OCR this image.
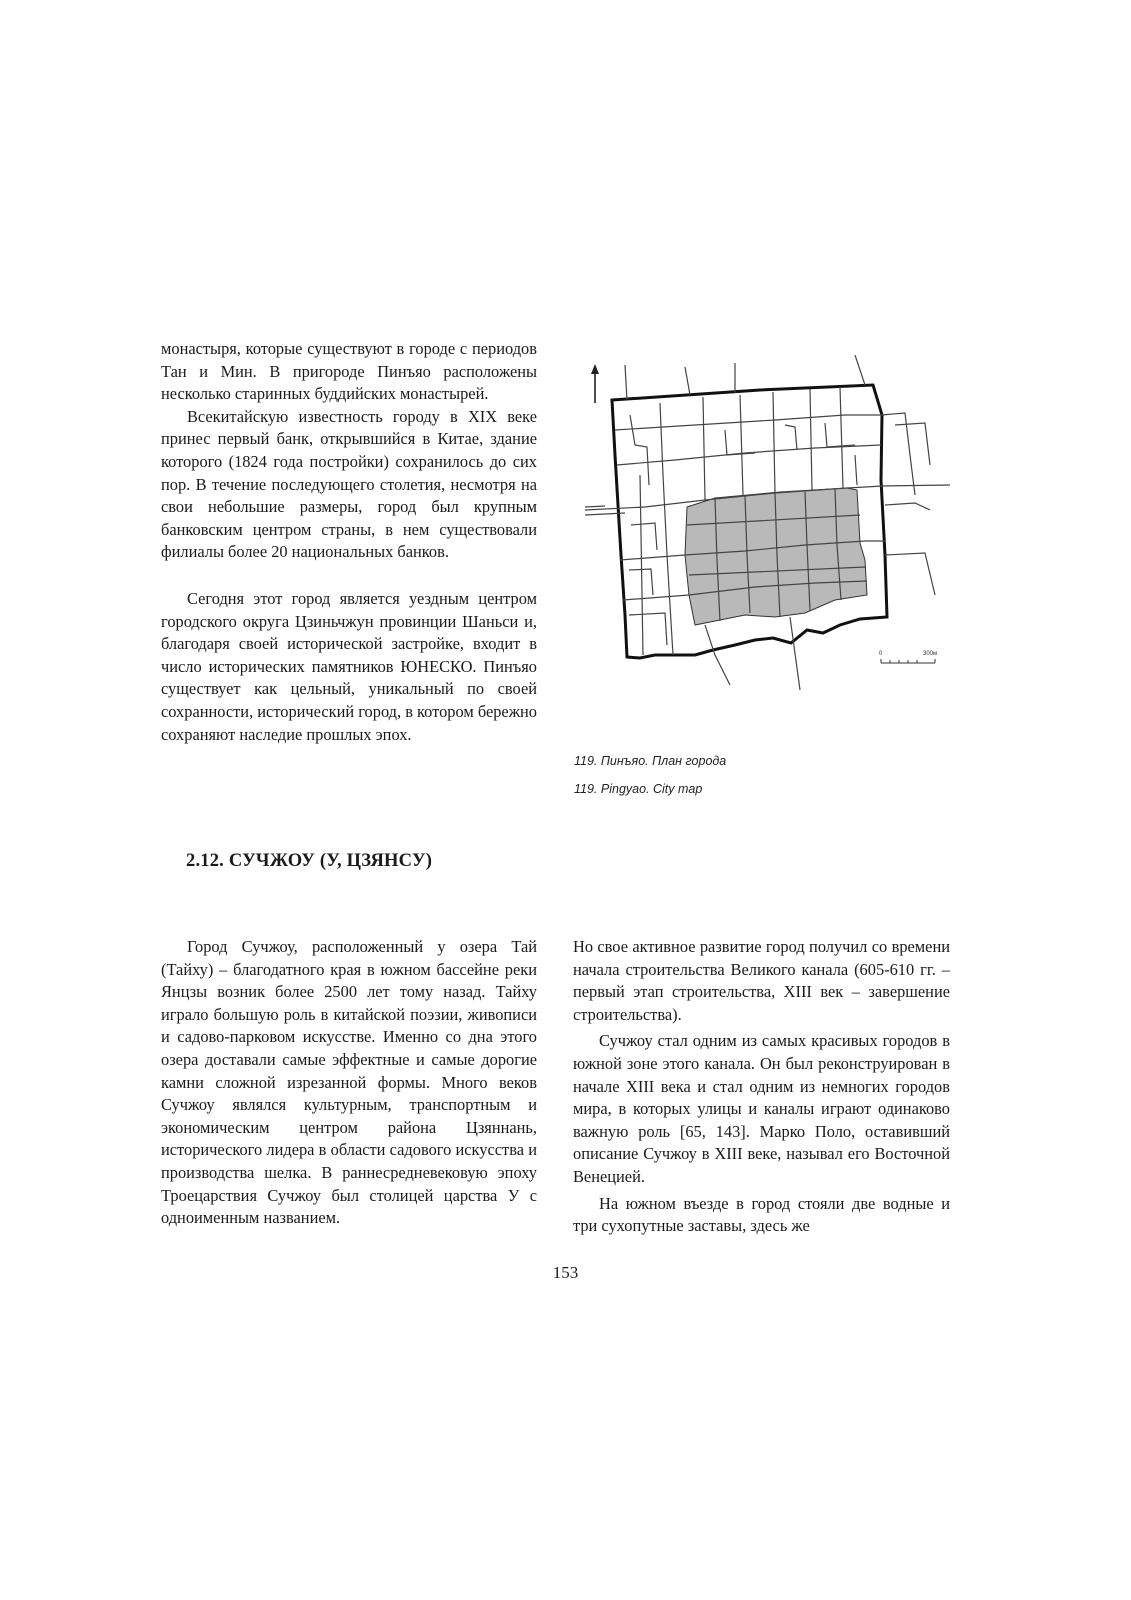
монастыря, которые существуют в городе с периодов Тан и Мин. В пригороде Пинъяо расположены несколько старинных буддийских монастырей.

Всекитайскую известность городу в XIX веке принес первый банк, открывшийся в Китае, здание которого (1824 года постройки) сохранилось до сих пор. В течение последующего столетия, несмотря на свои небольшие размеры, город был крупным банковским центром страны, в нем существовали филиалы более 20 национальных банков.

Сегодня этот город является уездным центром городского округа Цзиньчжун провинции Шаньси и, благодаря своей исторической застройке, входит в число исторических памятников ЮНЕСКО. Пинъяо существует как цельный, уникальный по своей сохранности, исторический город, в котором бережно сохраняют наследие прошлых эпох.

0	300м

119. Пинъяо. План города

119. Pingyao. City map

2.12. СУЧЖОУ (У, ЦЗЯНСУ)

Город Сучжоу, расположенный у озера Тай (Тайху) – благодатного края в южном бассейне реки Янцзы возник более 2500 лет тому назад. Тайху играло большую роль в китайской поэзии, живописи и садово-парковом искусстве. Именно со дна этого озера доставали самые эффектные и самые дорогие камни сложной изрезанной формы. Много веков Сучжоу являлся культурным, транспортным и экономическим центром района Цзяннань, исторического лидера в области садового искусства и производства шелка. В раннесредневековую эпоху Троецарствия Сучжоу был столицей царства У с одноименным названием.

Но свое активное развитие город получил со времени начала строительства Великого канала (605-610 гг. – первый этап строительства, XIII век – завершение строительства).

Сучжоу стал одним из самых красивых городов в южной зоне этого канала. Он был реконструирован в начале XIII века и стал одним из немногих городов мира, в которых улицы и каналы играют одинаково важную роль [65, 143]. Марко Поло, оставивший описание Сучжоу в XIII веке, называл его Восточной Венецией.

На южном въезде в город стояли две водные и три сухопутные заставы, здесь же

153
